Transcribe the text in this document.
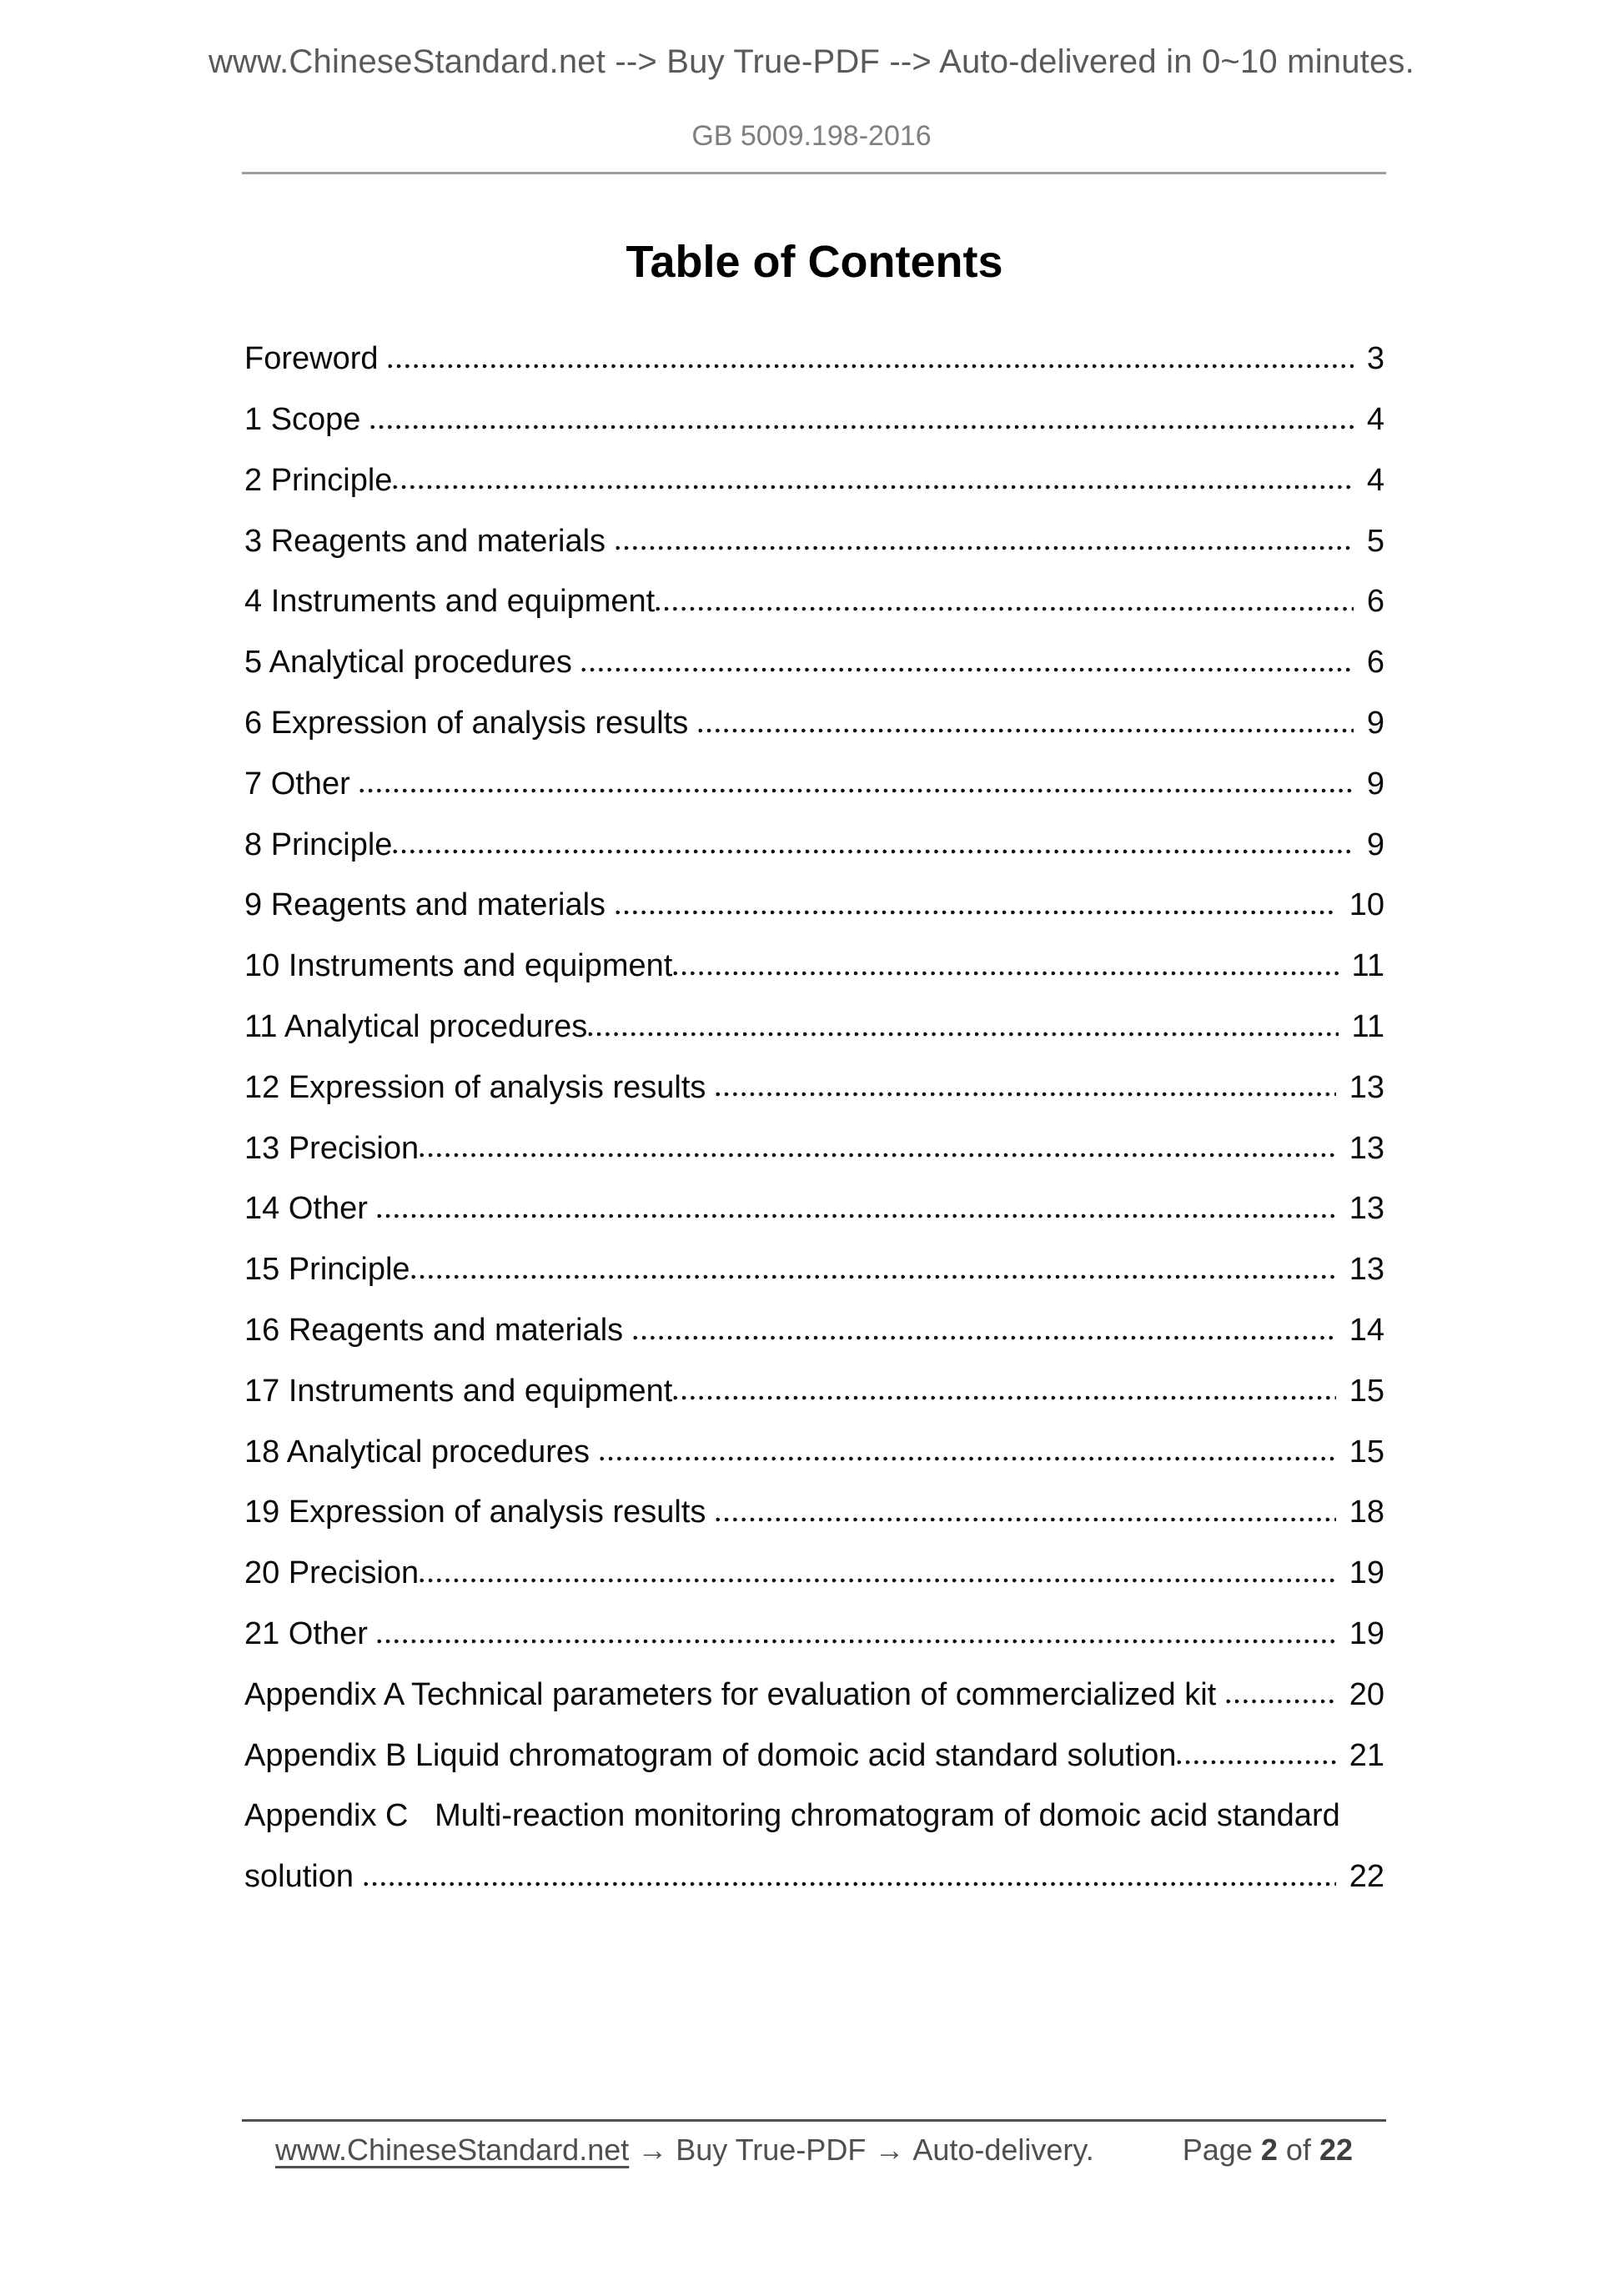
www.ChineseStandard.net --> Buy True-PDF --> Auto-delivered in 0~10 minutes.
GB 5009.198-2016
Table of Contents
Foreword	3
1 Scope	4
2 Principle	4
3 Reagents and materials	5
4 Instruments and equipment	6
5 Analytical procedures	6
6 Expression of analysis results	9
7 Other	9
8 Principle	9
9 Reagents and materials	10
10 Instruments and equipment	11
11 Analytical procedures	11
12 Expression of analysis results	13
13 Precision	13
14 Other	13
15 Principle	13
16 Reagents and materials	14
17 Instruments and equipment	15
18 Analytical procedures	15
19 Expression of analysis results	18
20 Precision	19
21 Other	19
Appendix A Technical parameters for evaluation of commercialized kit	20
Appendix B Liquid chromatogram of domoic acid standard solution	21
Appendix C   Multi-reaction monitoring chromatogram of domoic acid standard
solution	22
www.ChineseStandard.net → Buy True-PDF → Auto-delivery.	Page 2 of 22
